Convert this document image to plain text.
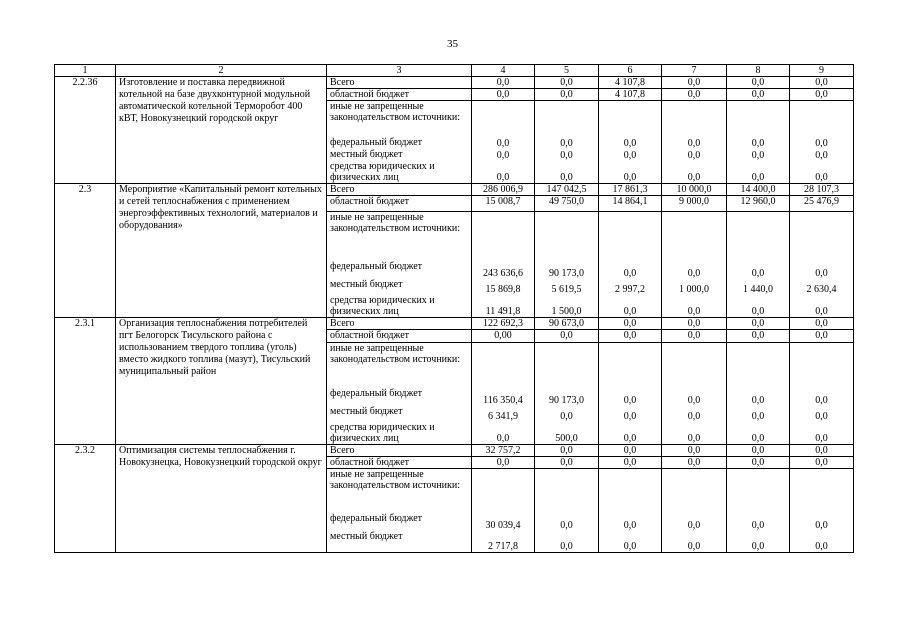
35
1	2	3	4	5	6	7	8	9
2.2.36	Изготовление и поставка передвижной котельной на базе двухконтурной модульной автоматической котельной Терморобот 400 кВТ, Новокузнецкий городской округ	Всего	0,0	0,0	4 107,8	0,0	0,0	0,0
		областной бюджет	0,0	0,0	4 107,8	0,0	0,0	0,0
		иные не запрещенные законодательством источники:						
		федеральный бюджет	0,0	0,0	0,0	0,0	0,0	0,0
		местный бюджет	0,0	0,0	0,0	0,0	0,0	0,0
		средства юридических и физических лиц	0,0	0,0	0,0	0,0	0,0	0,0
2.3	Мероприятие «Капитальный ремонт котельных и сетей теплоснабжения с применением энергоэффективных технологий, материалов и оборудования»	Всего	286 006,9	147 042,5	17 861,3	10 000,0	14 400,0	28 107,3
		областной бюджет	15 008,7	49 750,0	14 864,1	9 000,0	12 960,0	25 476,9
		иные не запрещенные законодательством источники:						
		федеральный бюджет	243 636,6	90 173,0	0,0	0,0	0,0	0,0
		местный бюджет	15 869,8	5 619,5	2 997,2	1 000,0	1 440,0	2 630,4
		средства юридических и физических лиц	11 491,8	1 500,0	0,0	0,0	0,0	0,0
2.3.1	Организация теплоснабжения потребителей пгт Белогорск Тисульского района с использованием твердого топлива (уголь) вместо жидкого топлива (мазут), Тисульский муниципальный район	Всего	122 692,3	90 673,0	0,0	0,0	0,0	0,0
		областной бюджет	0,00	0,0	0,0	0,0	0,0	0,0
		иные не запрещенные законодательством источники:						
		федеральный бюджет	116 350,4	90 173,0	0,0	0,0	0,0	0,0
		местный бюджет	6 341,9	0,0	0,0	0,0	0,0	0,0
		средства юридических и физических лиц	0,0	500,0	0,0	0,0	0,0	0,0
2.3.2	Оптимизация системы теплоснабжения г. Новокузнецка, Новокузнецкий городской округ	Всего	32 757,2	0,0	0,0	0,0	0,0	0,0
		областной бюджет	0,0	0,0	0,0	0,0	0,0	0,0
		иные не запрещенные законодательством источники:						
		федеральный бюджет	30 039,4	0,0	0,0	0,0	0,0	0,0
		местный бюджет	2 717,8	0,0	0,0	0,0	0,0	0,0
